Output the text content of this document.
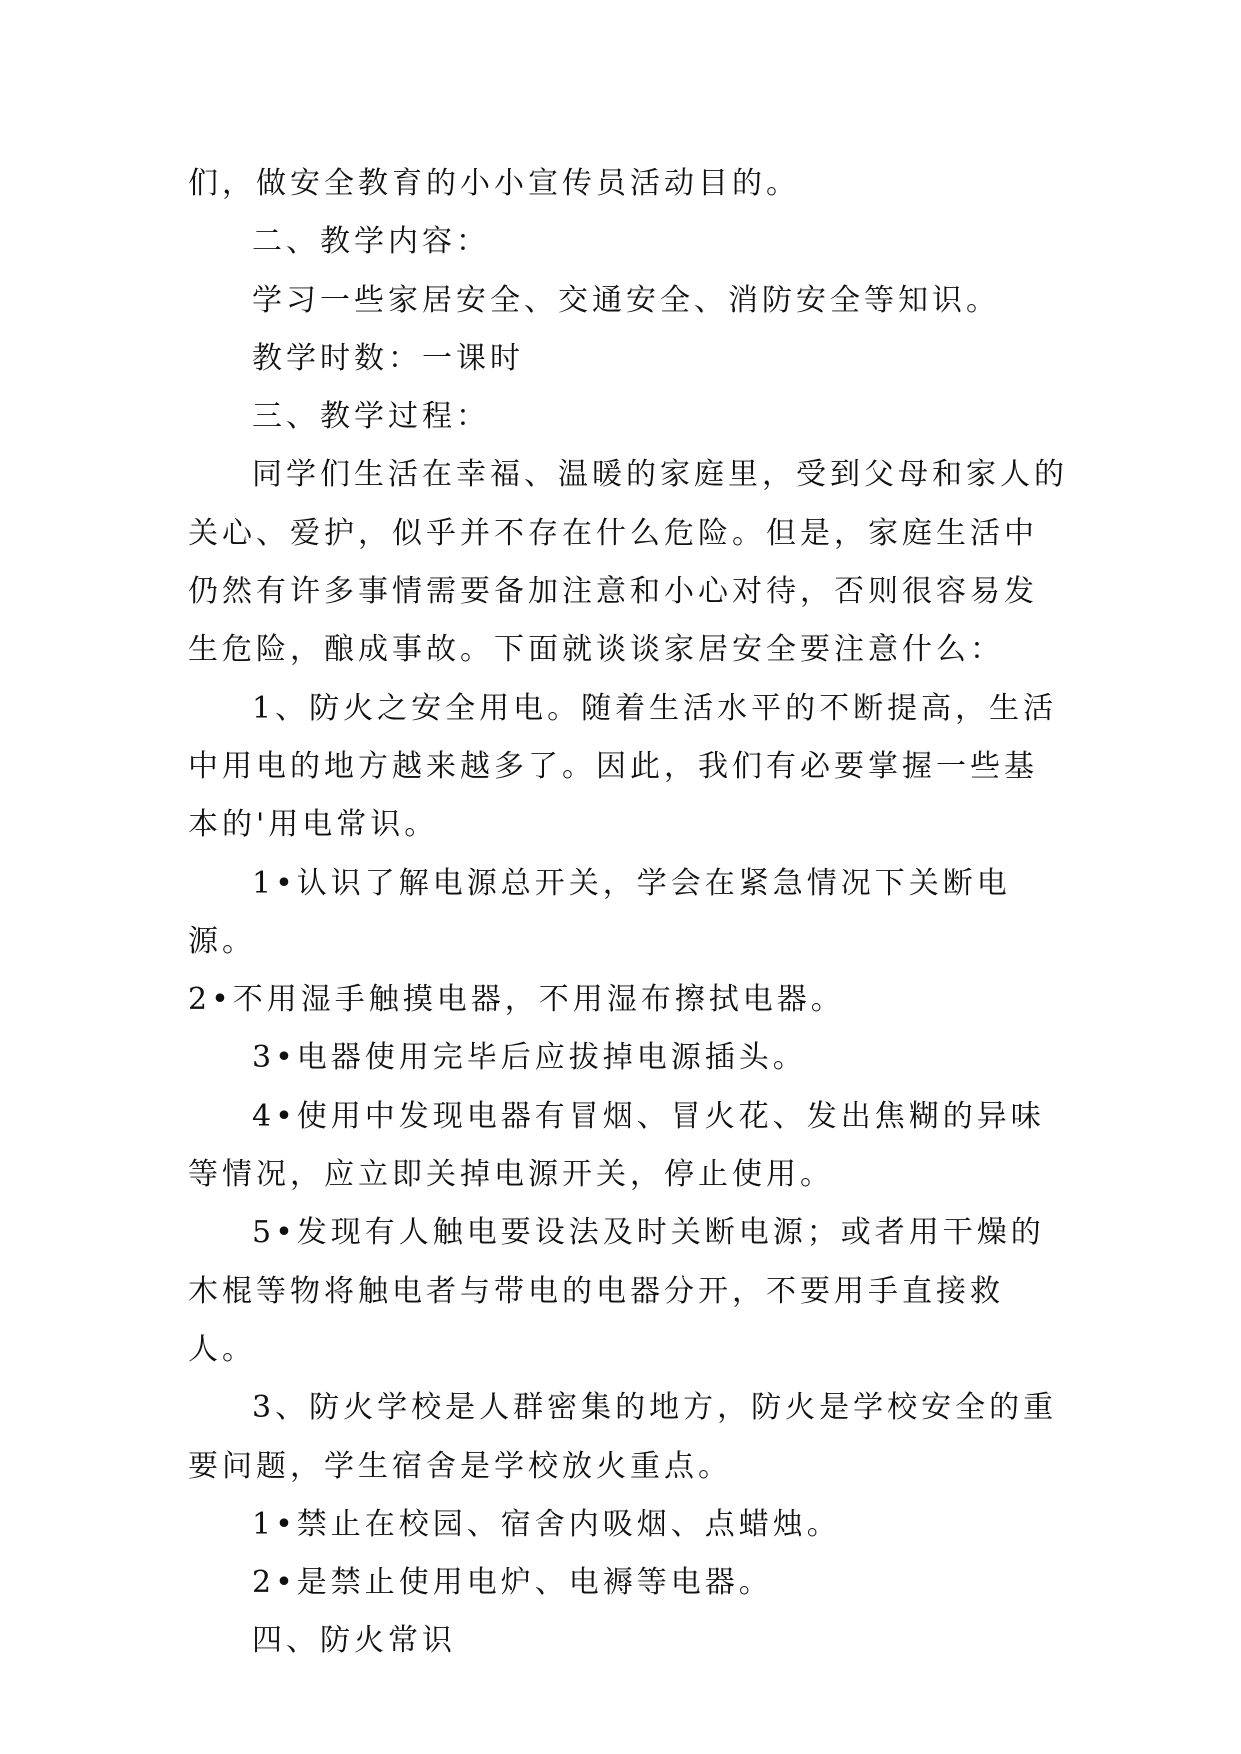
们，做安全教育的小小宣传员活动目的。

二、教学内容：

学习一些家居安全、交通安全、消防安全等知识。

教学时数：一课时

三、教学过程：

同学们生活在幸福、温暖的家庭里，受到父母和家人的关心、爱护，似乎并不存在什么危险。但是，家庭生活中仍然有许多事情需要备加注意和小心对待，否则很容易发生危险，酿成事故。下面就谈谈家居安全要注意什么：

1、防火之安全用电。随着生活水平的不断提高，生活中用电的地方越来越多了。因此，我们有必要掌握一些基本的'用电常识。

1•认识了解电源总开关，学会在紧急情况下关断电源。

2•不用湿手触摸电器，不用湿布擦拭电器。

3•电器使用完毕后应拔掉电源插头。

4•使用中发现电器有冒烟、冒火花、发出焦糊的异味等情况，应立即关掉电源开关，停止使用。

5•发现有人触电要设法及时关断电源；或者用干燥的木棍等物将触电者与带电的电器分开，不要用手直接救人。

3、防火学校是人群密集的地方，防火是学校安全的重要问题，学生宿舍是学校放火重点。

1•禁止在校园、宿舍内吸烟、点蜡烛。

2•是禁止使用电炉、电褥等电器。

四、防火常识
